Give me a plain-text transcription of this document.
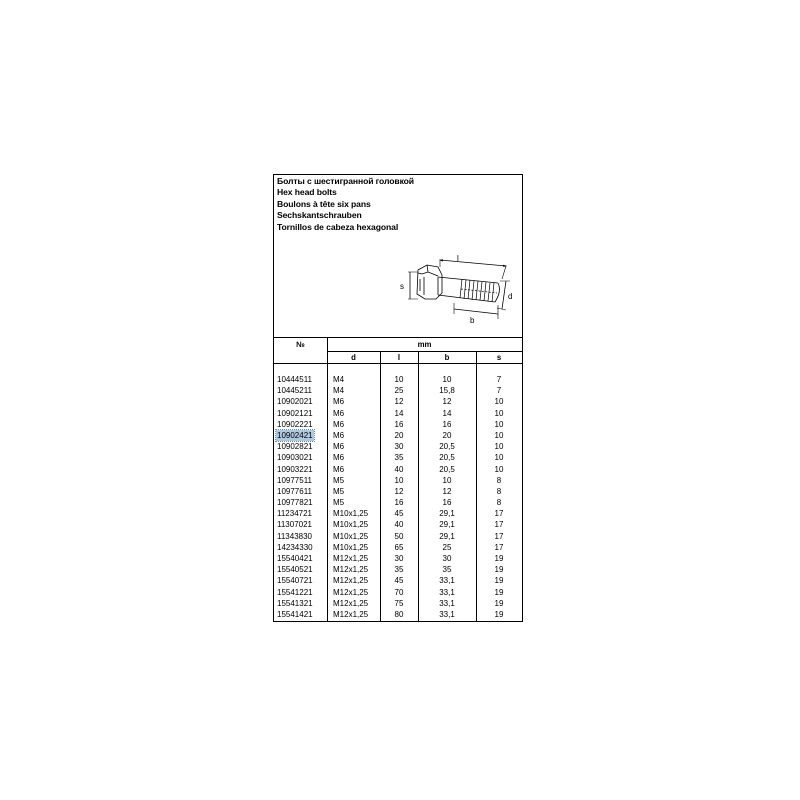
Болты с шестигранной головкой
Hex head bolts
Boulons à tête six pans
Sechskantschrauben
Tornillos de cabeza hexagonal
l
s
d
b
№	mm
d	l	b	s
10444511	M4	10	10	7
10445211	M4	25	15,8	7
10902021	M6	12	12	10
10902121	M6	14	14	10
10902221	M6	16	16	10
10902421	M6	20	20	10
10902821	M6	30	20,5	10
10903021	M6	35	20,5	10
10903221	M6	40	20,5	10
10977511	M5	10	10	8
10977611	M5	12	12	8
10977821	M5	16	16	8
11234721	M10x1,25	45	29,1	17
11307021	M10x1,25	40	29,1	17
11343830	M10x1,25	50	29,1	17
14234330	M10x1,25	65	25	17
15540421	M12x1,25	30	30	19
15540521	M12x1,25	35	35	19
15540721	M12x1,25	45	33,1	19
15541221	M12x1,25	70	33,1	19
15541321	M12x1,25	75	33,1	19
15541421	M12x1,25	80	33,1	19
